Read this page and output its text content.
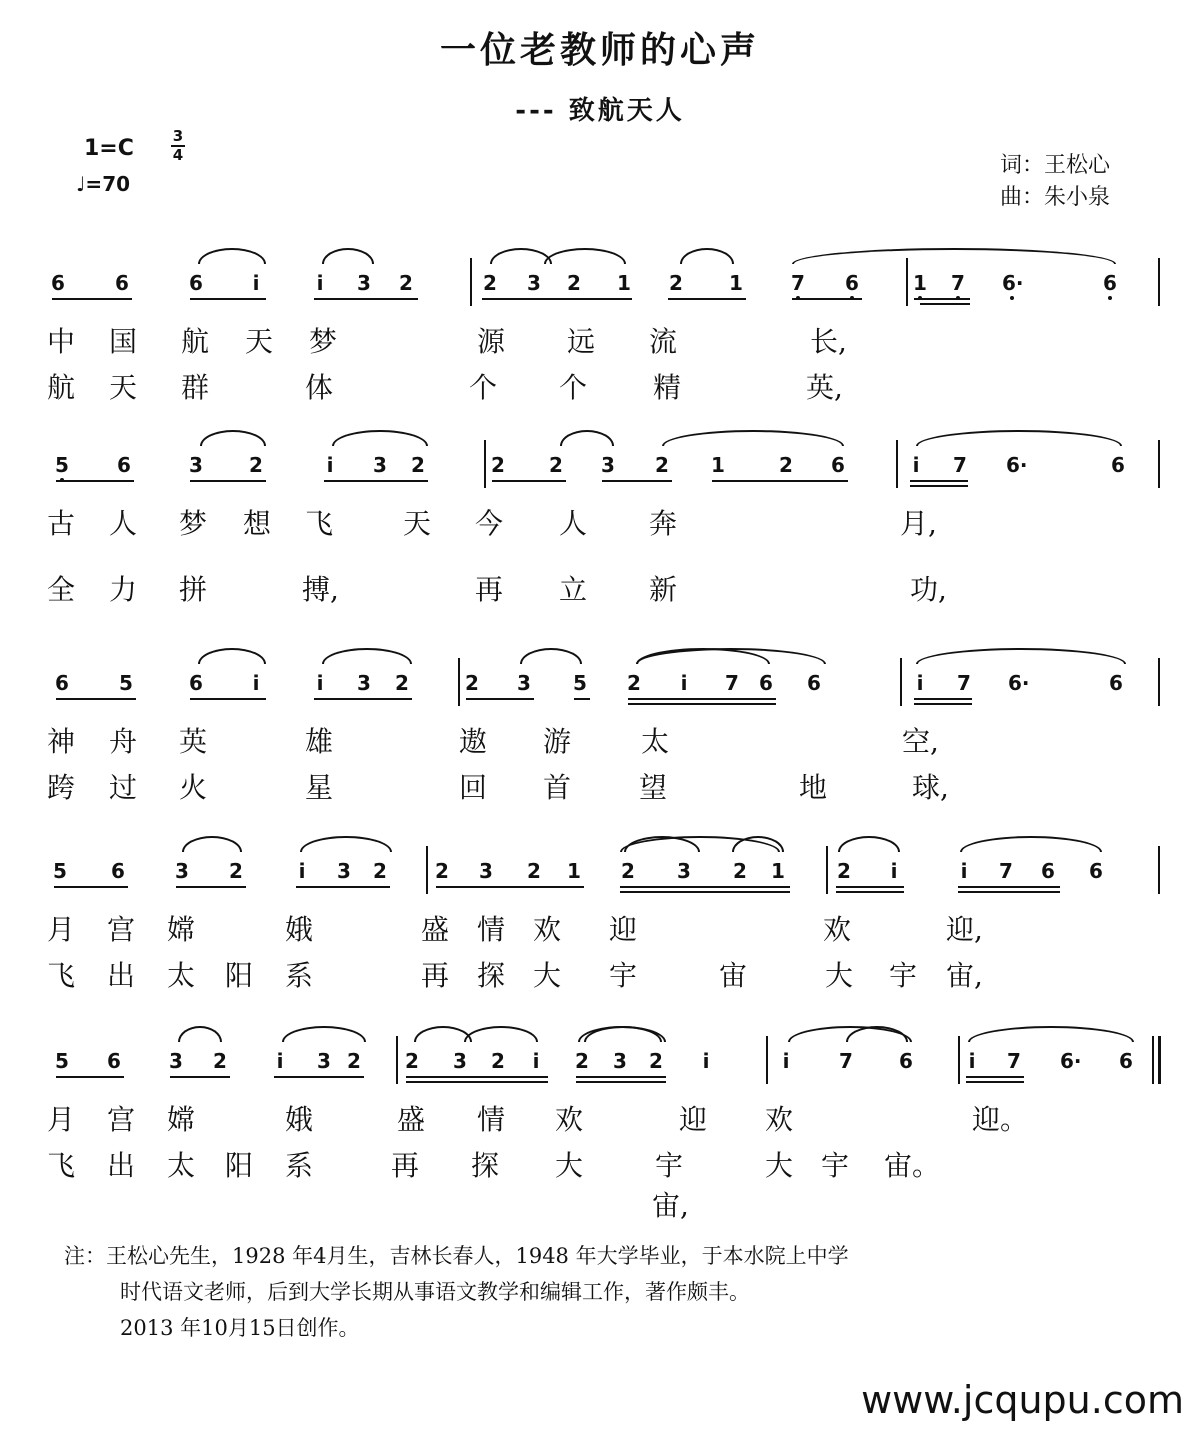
一位老教师的心声
--- 致航天人
1=C	3
4
♩=70
词：王松心
曲：朱小泉
6	6	6	i	i	3 2	2 3 2 1 2 1 7 6	1 7 6·	6
中 国 航 天 梦	源 远 流	长,
航 天 群	体	个 个 精	英,
5 6	3 2	i	3 2	2 2 3 2 1	2 6	i	7 6·	6
古 人 梦 想 飞 天 今 人 奔	月,
全 力 拼	搏,	再 立 新	功,
6	5	6	i	i	3 2	2 3 5 2	i	7 6 6	i	7 6·	6
神 舟 英	雄	遨 游 太	空,
跨 过 火	星	回 首 望	地	球,
5 6	3 2	i	3 2 2 3 2 1 2 3 2 1	2	i	i	7 6 6
月 宫 嫦	娥	盛 情 欢 迎	欢	迎,
飞 出 太 阳 系	再 探 大 宇	宙	大 宇 宙,
5 6 3 2	i	3 2 2 3 2	i	2 3 2	i	i	7 6	i	7 6· 6
月 宫 嫦	娥	盛 情 欢	迎 欢	迎。
飞 出 太 阳 系	再 探 大	宇宙,
大 宇 宙。

注：王松心先生，1928 年4月生，吉林长春人，1948 年大学毕业，于本水院上中学

时代语文老师，后到大学长期从事语文教学和编辑工作，著作颇丰。

2013 年10月15日创作。

www.jcqupu.com
